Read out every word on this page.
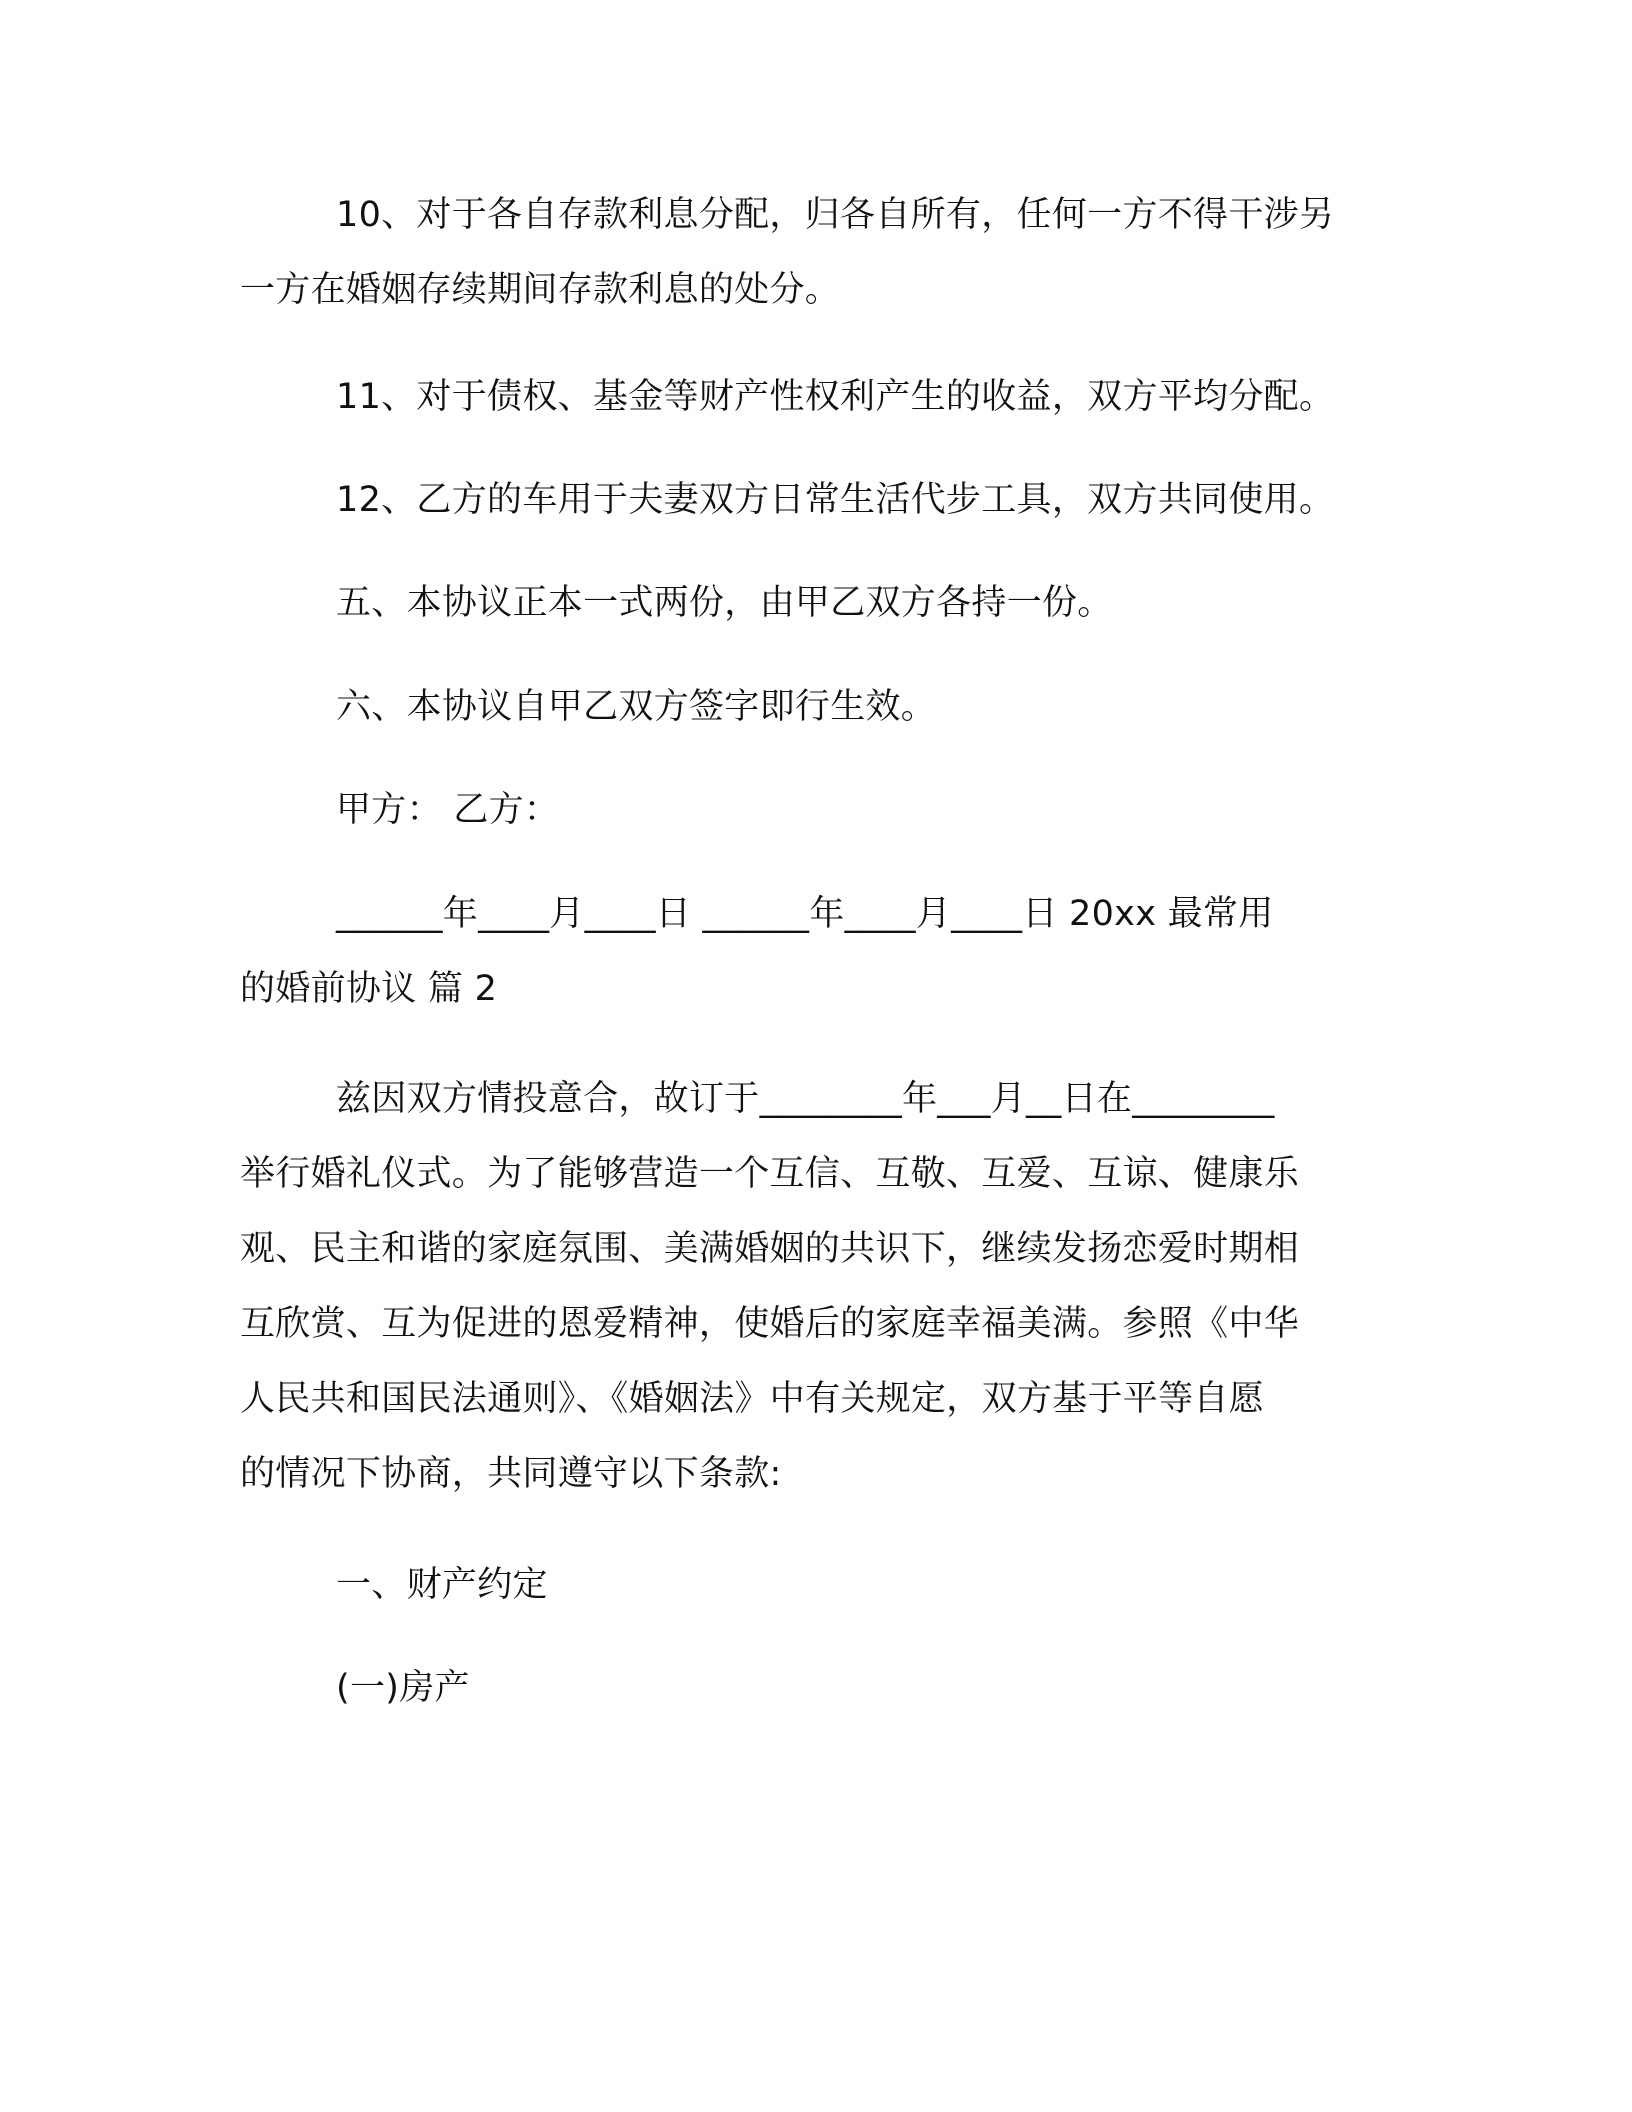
10、对于各自存款利息分配，归各自所有，任何一方不得干涉另
一方在婚姻存续期间存款利息的处分。
11、对于债权、基金等财产性权利产生的收益，双方平均分配。
12、乙方的车用于夫妻双方日常生活代步工具，双方共同使用。
五、本协议正本一式两份，由甲乙双方各持一份。
六、本协议自甲乙双方签字即行生效。
甲方： 乙方：
______年____月____日 ______年____月____日 20xx 最常用
的婚前协议 篇 2
兹因双方情投意合，故订于________年___月__日在________
举行婚礼仪式。为了能够营造一个互信、互敬、互爱、互谅、健康乐
观、民主和谐的家庭氛围、美满婚姻的共识下，继续发扬恋爱时期相
互欣赏、互为促进的恩爱精神，使婚后的家庭幸福美满。参照《中华
人民共和国民法通则》、《婚姻法》中有关规定，双方基于平等自愿
的情况下协商，共同遵守以下条款:
一、财产约定
(一)房产
